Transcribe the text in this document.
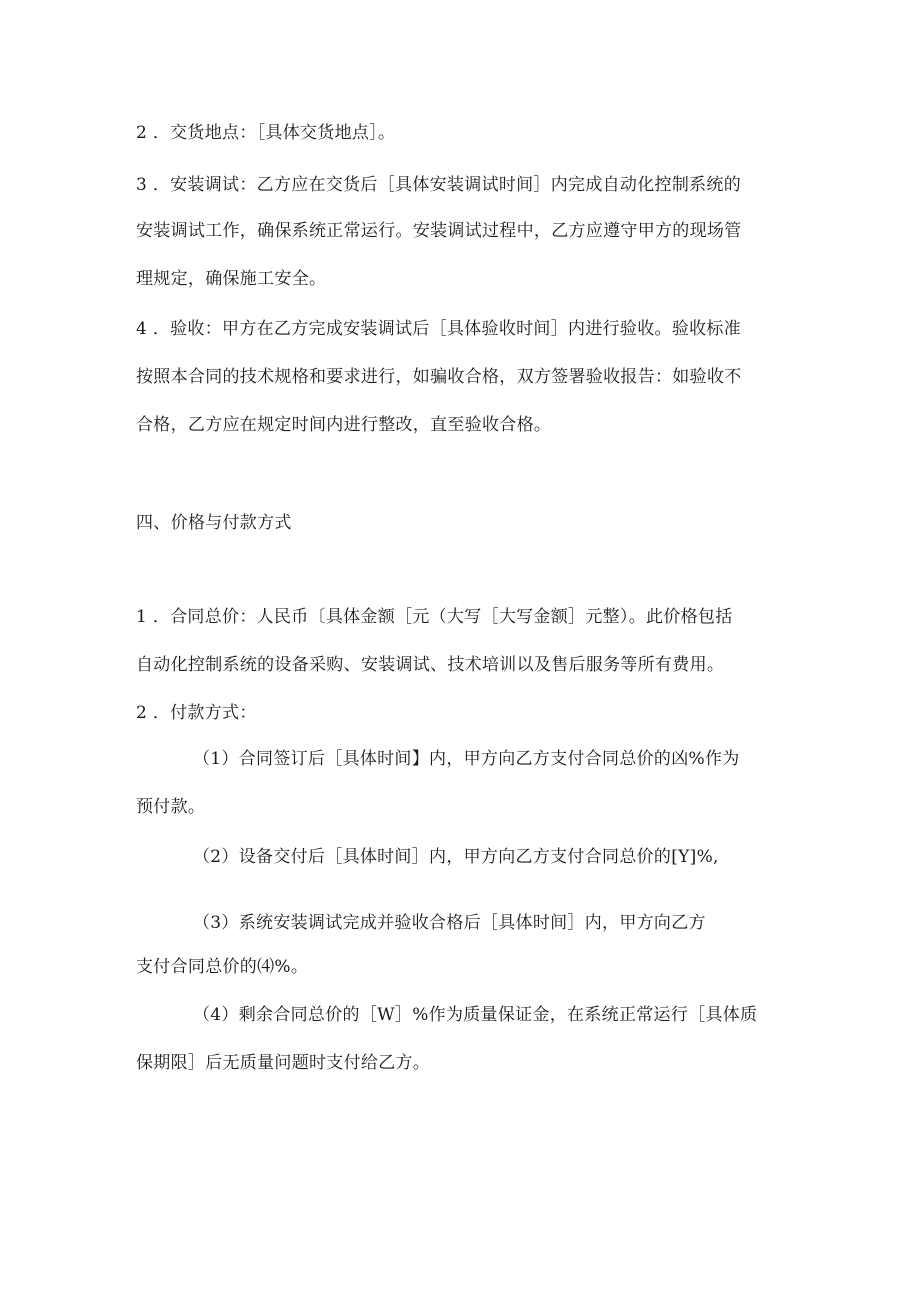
2 ．交货地点：［具体交货地点］。
3 ．安装调试：乙方应在交货后［具体安装调试时间］内完成自动化控制系统的
安装调试工作，确保系统正常运行。安装调试过程中，乙方应遵守甲方的现场管
理规定，确保施工安全。
4 ．验收：甲方在乙方完成安装调试后［具体验收时间］内进行验收。验收标准
按照本合同的技术规格和要求进行，如骗收合格，双方签署验收报告：如验收不
合格，乙方应在规定时间内进行整改，直至验收合格。
四、价格与付款方式
1 ．合同总价：人民币〔具体金额［元（大写［大写金额］元整）。此价格包括
自动化控制系统的设备采购、安装调试、技术培训以及售后服务等所有费用。
2 ．付款方式：
（1）合同签订后［具体时间】内，甲方向乙方支付合同总价的凶%作为
预付款。
（2）设备交付后［具体时间］内，甲方向乙方支付合同总价的[Y]%,
（3）系统安装调试完成并验收合格后［具体时间］内，甲方向乙方
支付合同总价的⑷%。
（4）剩余合同总价的［W］%作为质量保证金，在系统正常运行［具体质
保期限］后无质量问题时支付给乙方。
